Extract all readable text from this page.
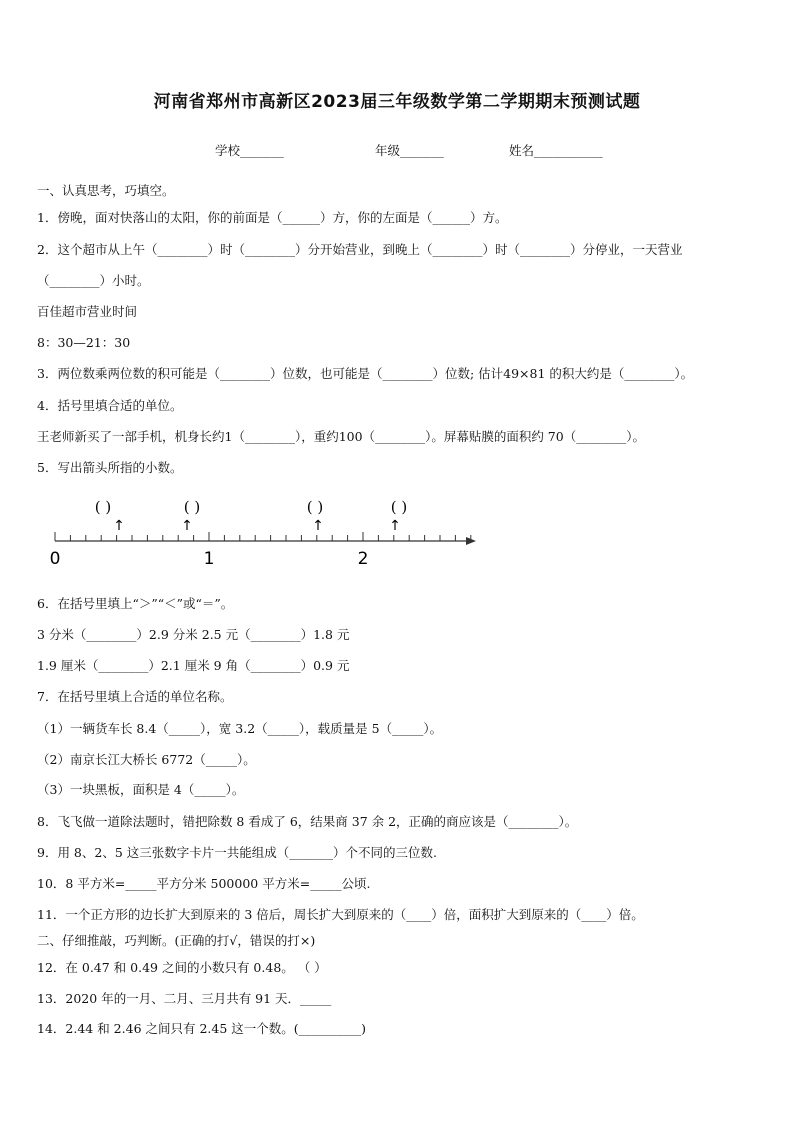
河南省郑州市高新区2023届三年级数学第二学期期末预测试题
学校_______	年级_______	姓名___________
一、认真思考，巧填空。
1．傍晚，面对快落山的太阳，你的前面是（______）方，你的左面是（______）方。
2．这个超市从上午（________）时（________）分开始营业，到晚上（________）时（________）分停业，一天营业
（________）小时。
百佳超市营业时间
8：30—21：30
3．两位数乘两位数的积可能是（________）位数，也可能是（________）位数; 估计49×81 的积大约是（________）。
4．括号里填合适的单位。
王老师新买了一部手机，机身长约1（________），重约100（________）。屏幕贴膜的面积约 70（________）。
5．写出箭头所指的小数。
( )	( )	( )	( )
↑	↑	↑	↑
0	1	2
6．在括号里填上“＞”“＜”或“＝”。
3 分米（________）2.9 分米 2.5 元（________）1.8 元
1.9 厘米（________）2.1 厘米 9 角（________）0.9 元
7．在括号里填上合适的单位名称。
（1）一辆货车长 8.4（_____），宽 3.2（_____），载质量是 5（_____）。
（2）南京长江大桥长 6772（_____）。
（3）一块黑板，面积是 4（_____）。
8．飞飞做一道除法题时，错把除数 8 看成了 6，结果商 37 余 2，正确的商应该是（________）。
9．用 8、2、5 这三张数字卡片一共能组成（_______）个不同的三位数.
10．8 平方米=_____平方分米 500000 平方米=_____公顷.
11．一个正方形的边长扩大到原来的 3 倍后，周长扩大到原来的（____）倍，面积扩大到原来的（____）倍。
二、仔细推敲，巧判断。(正确的打√，错误的打×)
12．在 0.47 和 0.49 之间的小数只有 0.48。 （ ）
13．2020 年的一月、二月、三月共有 91 天．_____
14．2.44 和 2.46 之间只有 2.45 这一个数。(__________)
